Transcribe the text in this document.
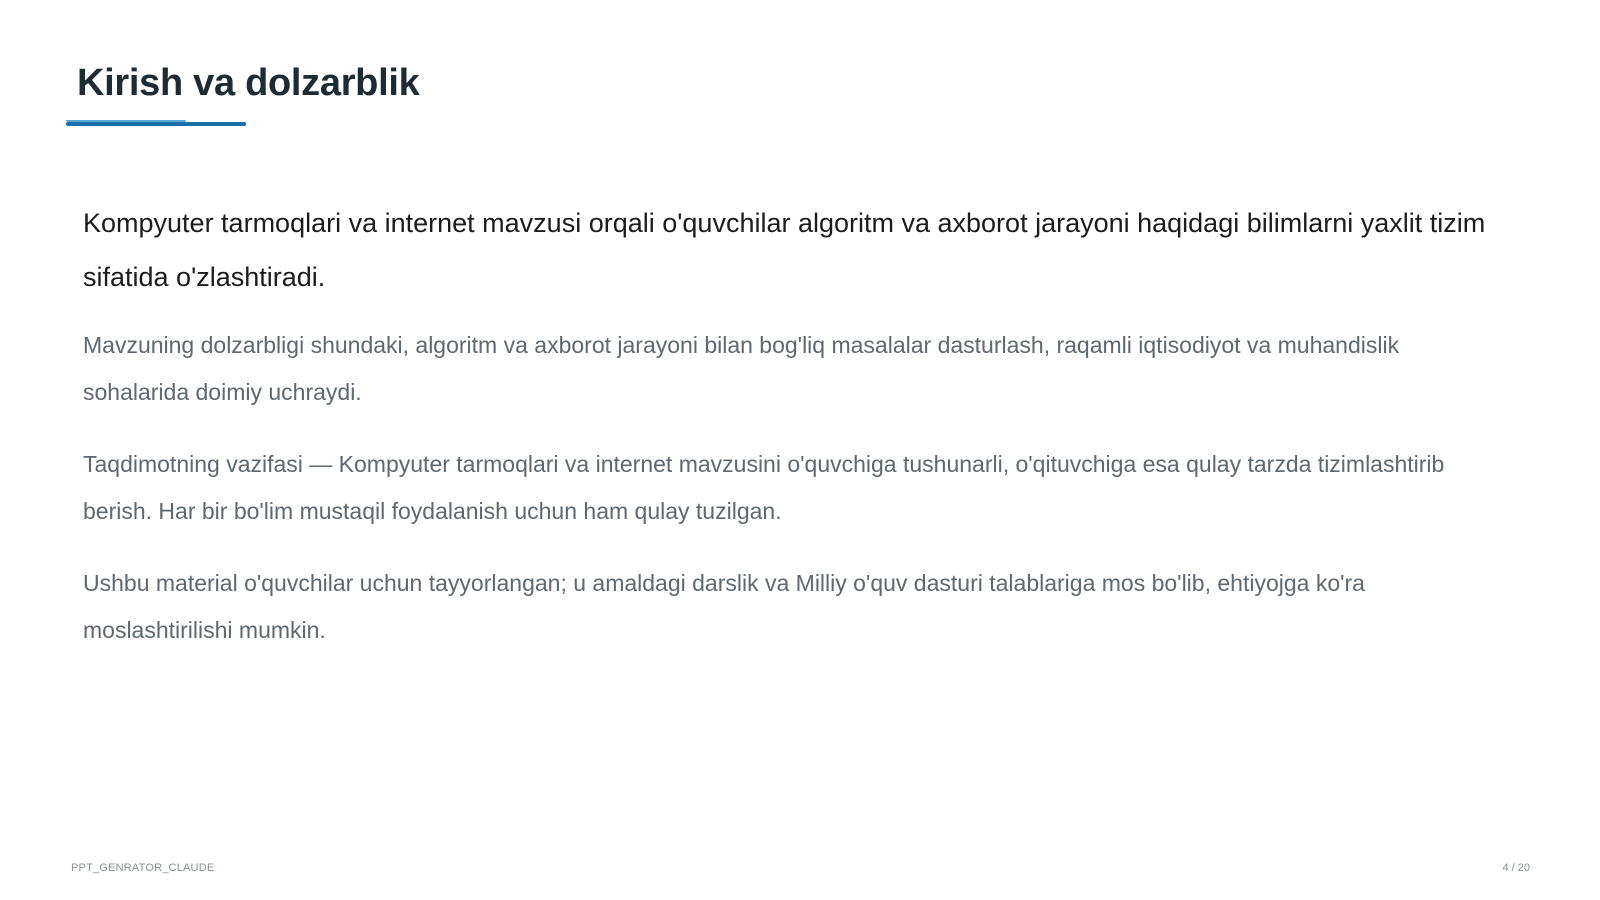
Kirish va dolzarblik

Kompyuter tarmoqlari va internet mavzusi orqali o'quvchilar algoritm va axborot jarayoni haqidagi bilimlarni yaxlit tizim sifatida o'zlashtiradi.

Mavzuning dolzarbligi shundaki, algoritm va axborot jarayoni bilan bog'liq masalalar dasturlash, raqamli iqtisodiyot va muhandislik sohalarida doimiy uchraydi.

Taqdimotning vazifasi — Kompyuter tarmoqlari va internet mavzusini o'quvchiga tushunarli, o'qituvchiga esa qulay tarzda tizimlashtirib berish. Har bir bo'lim mustaqil foydalanish uchun ham qulay tuzilgan.

Ushbu material o'quvchilar uchun tayyorlangan; u amaldagi darslik va Milliy o'quv dasturi talablariga mos bo'lib, ehtiyojga ko'ra moslashtirilishi mumkin.

PPT_GENRATOR_CLAUDE	4 / 20
